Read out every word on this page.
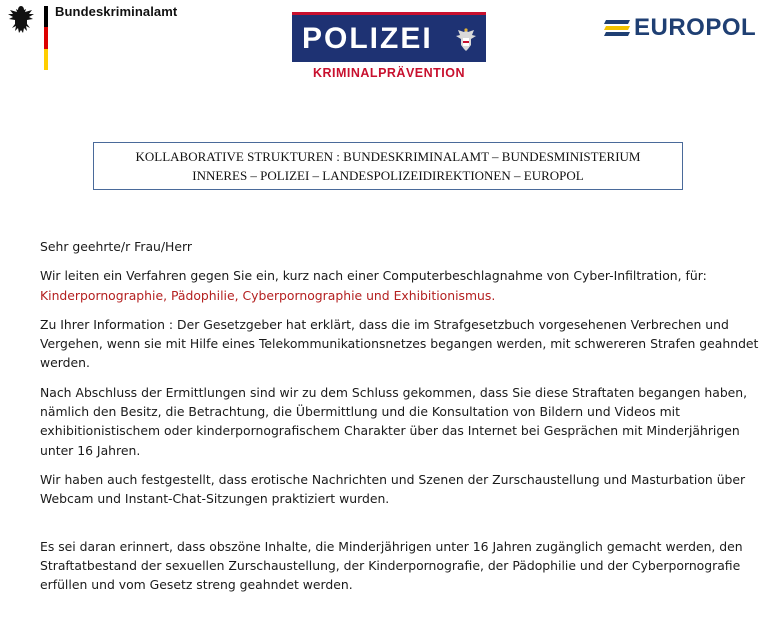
Bundeskriminalamt
POLIZEI
KRIMINALPRÄVENTION
EUROPOL
KOLLABORATIVE STRUKTUREN : BUNDESKRIMINALAMT – BUNDESMINISTERIUM
INNERES – POLIZEI – LANDESPOLIZEIDIREKTIONEN – EUROPOL

Sehr geehrte/r Frau/Herr

Wir leiten ein Verfahren gegen Sie ein, kurz nach einer Computerbeschlagnahme von Cyber-Infiltration, für: Kinderpornographie, Pädophilie, Cyberpornographie und Exhibitionismus.

Zu Ihrer Information : Der Gesetzgeber hat erklärt, dass die im Strafgesetzbuch vorgesehenen Verbrechen und Vergehen, wenn sie mit Hilfe eines Telekommunikationsnetzes begangen werden, mit schwereren Strafen geahndet werden.

Nach Abschluss der Ermittlungen sind wir zu dem Schluss gekommen, dass Sie diese Straftaten begangen haben, nämlich den Besitz, die Betrachtung, die Übermittlung und die Konsultation von Bildern und Videos mit exhibitionistischem oder kinderpornografischem Charakter über das Internet bei Gesprächen mit Minderjährigen unter 16 Jahren.

Wir haben auch festgestellt, dass erotische Nachrichten und Szenen der Zurschaustellung und Masturbation über Webcam und Instant-Chat-Sitzungen praktiziert wurden.

Es sei daran erinnert, dass obszöne Inhalte, die Minderjährigen unter 16 Jahren zugänglich gemacht werden, den Straftatbestand der sexuellen Zurschaustellung, der Kinderpornografie, der Pädophilie und der Cyberpornografie erfüllen und vom Gesetz streng geahndet werden.
